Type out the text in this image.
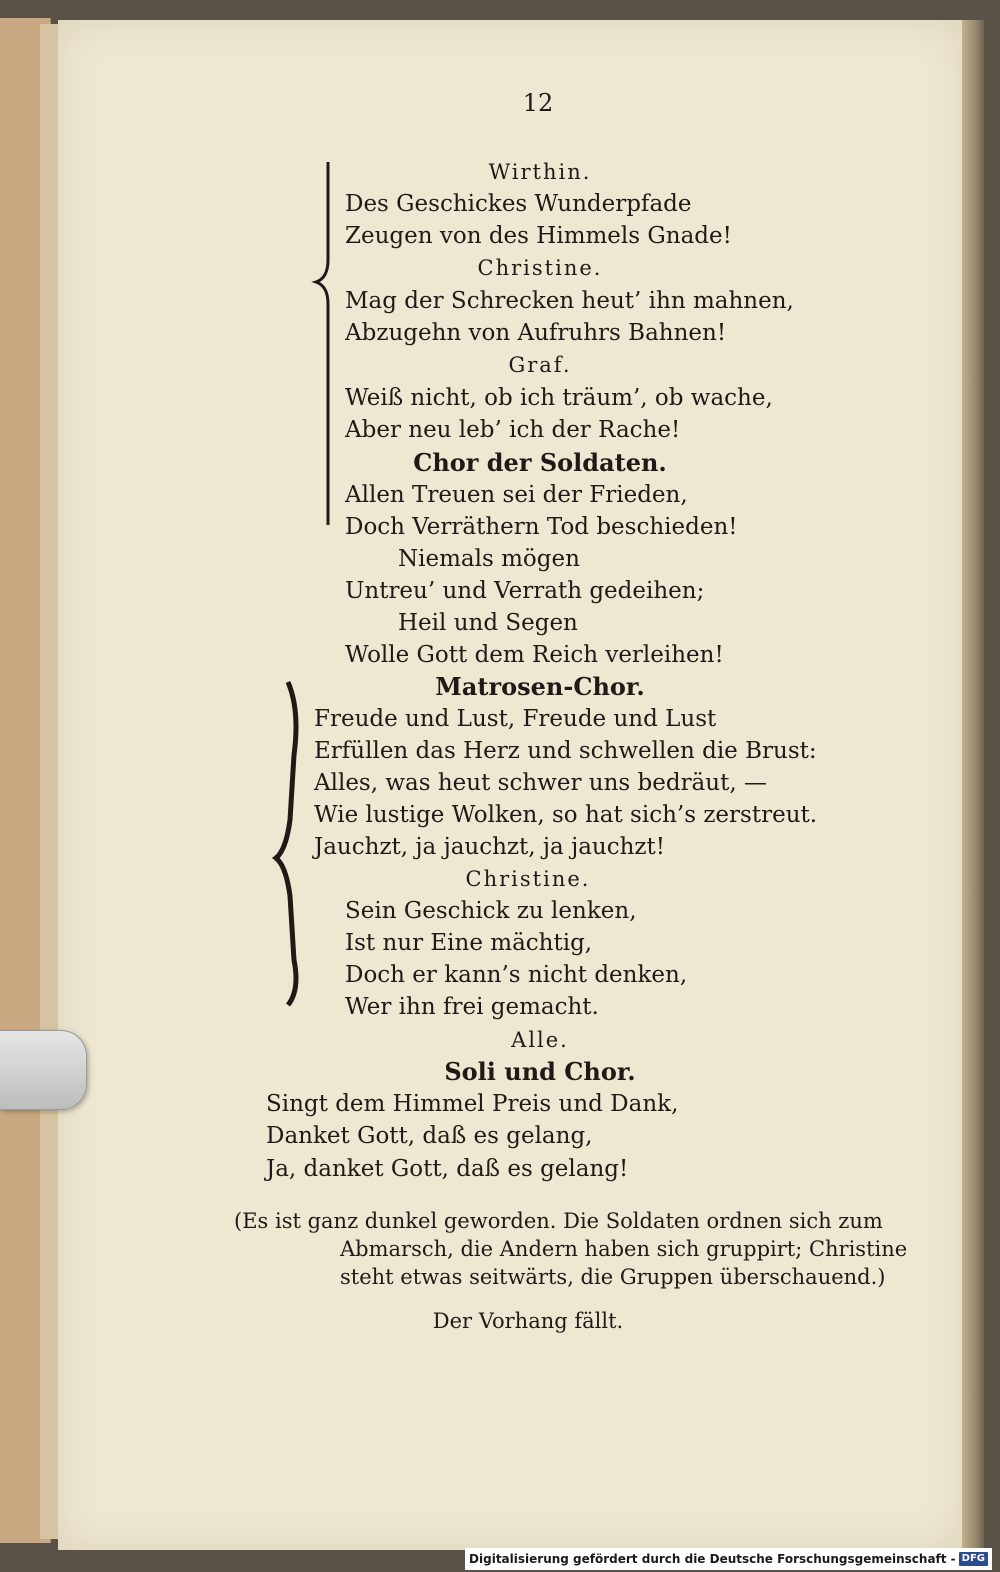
12
Wirthin.
Des Geschickes Wunderpfade
Zeugen von des Himmels Gnade!
Christine.
Mag der Schrecken heut’ ihn mahnen,
Abzugehn von Aufruhrs Bahnen!
Graf.
Weiß nicht, ob ich träum’, ob wache,
Aber neu leb’ ich der Rache!
Chor der Soldaten.
Allen Treuen sei der Frieden,
Doch Verräthern Tod beschieden!
Niemals mögen
Untreu’ und Verrath gedeihen;
Heil und Segen
Wolle Gott dem Reich verleihen!
Matrosen-Chor.
Freude und Lust, Freude und Lust
Erfüllen das Herz und schwellen die Brust:
Alles, was heut schwer uns bedräut, —
Wie lustige Wolken, so hat sich’s zerstreut.
Jauchzt, ja jauchzt, ja jauchzt!
Christine.
Sein Geschick zu lenken,
Ist nur Eine mächtig,
Doch er kann’s nicht denken,
Wer ihn frei gemacht.
Alle.
Soli und Chor.
Singt dem Himmel Preis und Dank,
Danket Gott, daß es gelang,
Ja, danket Gott, daß es gelang!
(Es ist ganz dunkel geworden. Die Soldaten ordnen sich zum
Abmarsch, die Andern haben sich gruppirt; Christine
steht etwas seitwärts, die Gruppen überschauend.)
Der Vorhang fällt.
Digitalisierung gefördert durch die Deutsche Forschungsgemeinschaft - DFG
